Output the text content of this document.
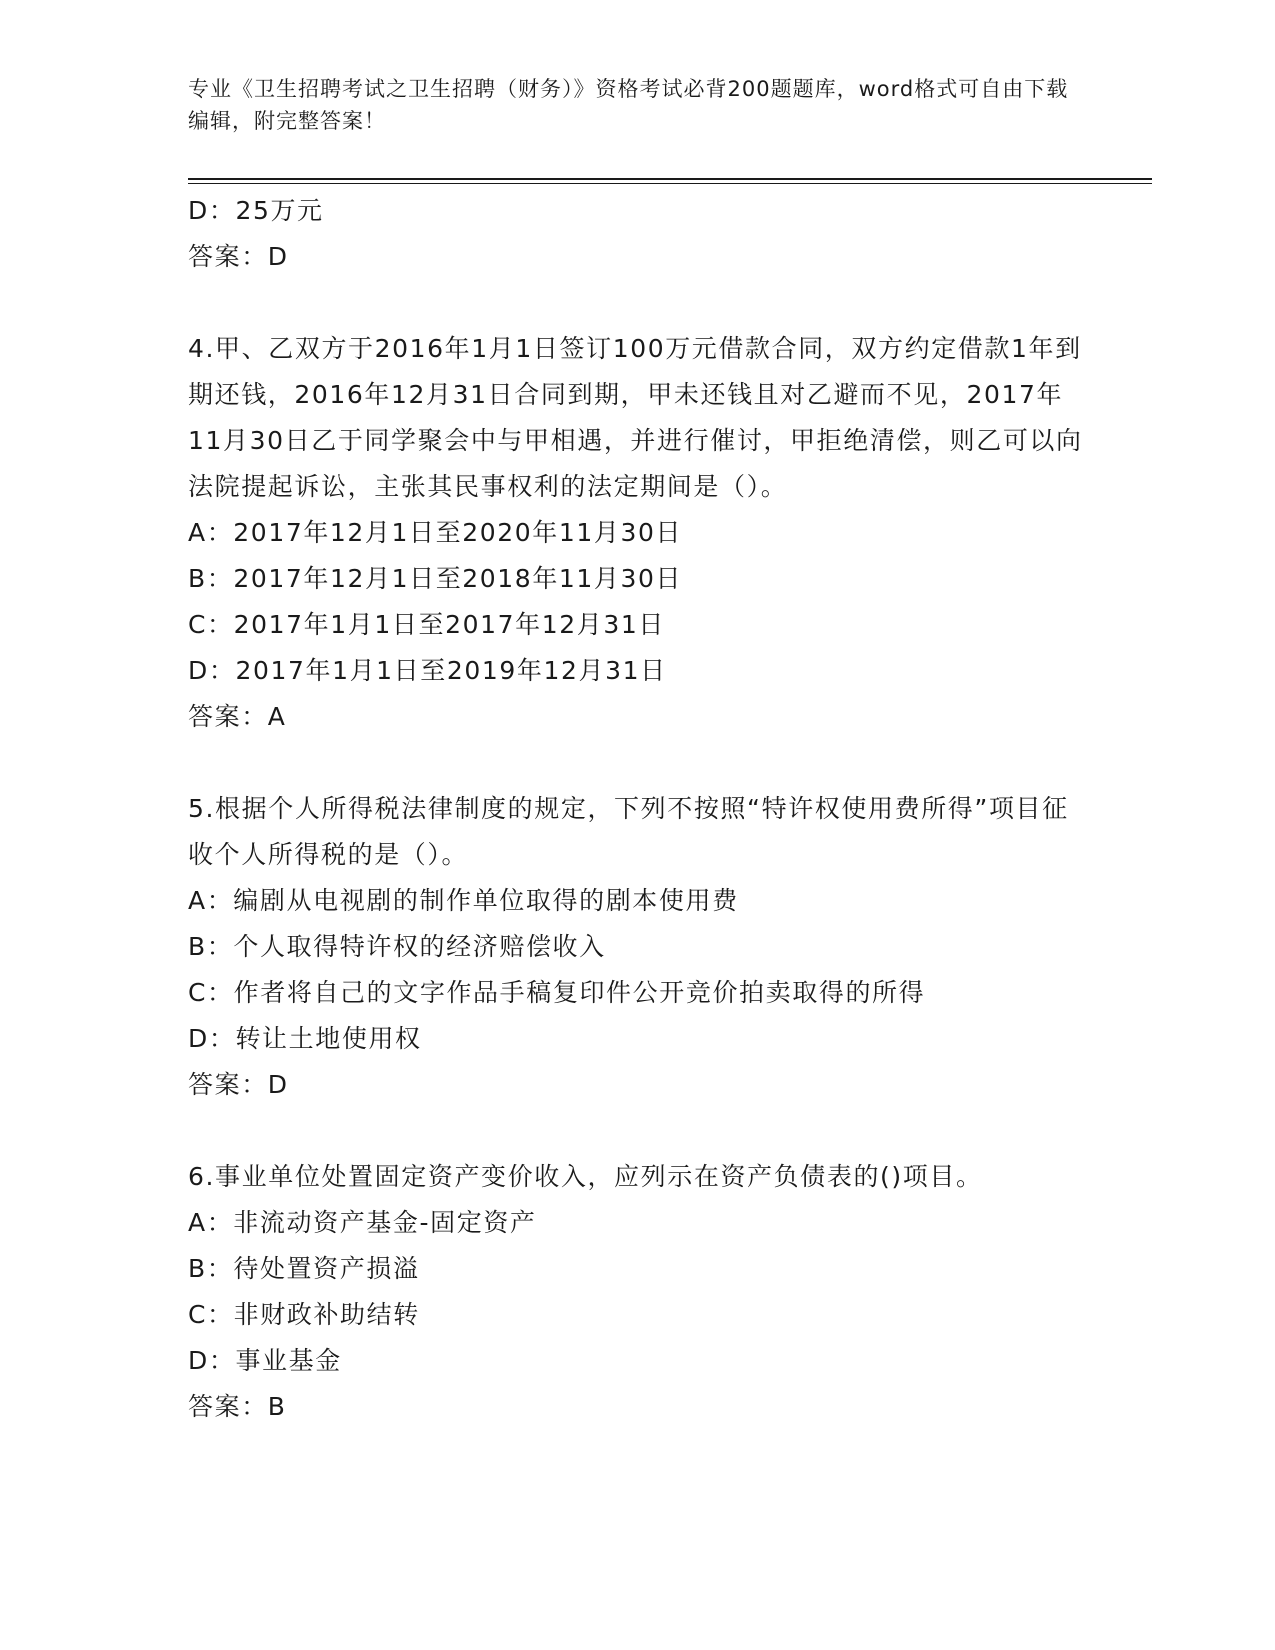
专业《卫生招聘考试之卫生招聘（财务）》资格考试必背200题题库，word格式可自由下载编辑，附完整答案！

D：25万元

答案：D

4.甲、乙双方于2016年1月1日签订100万元借款合同，双方约定借款1年到期还钱，2016年12月31日合同到期，甲未还钱且对乙避而不见，2017年11月30日乙于同学聚会中与甲相遇，并进行催讨，甲拒绝清偿，则乙可以向法院提起诉讼，主张其民事权利的法定期间是（）。

A：2017年12月1日至2020年11月30日

B：2017年12月1日至2018年11月30日

C：2017年1月1日至2017年12月31日

D：2017年1月1日至2019年12月31日

答案：A

5.根据个人所得税法律制度的规定，下列不按照“特许权使用费所得”项目征收个人所得税的是（）。

A：编剧从电视剧的制作单位取得的剧本使用费

B：个人取得特许权的经济赔偿收入

C：作者将自己的文字作品手稿复印件公开竞价拍卖取得的所得

D：转让土地使用权

答案：D

6.事业单位处置固定资产变价收入，应列示在资产负债表的()项目。

A：非流动资产基金-固定资产

B：待处置资产损溢

C：非财政补助结转

D：事业基金

答案：B
